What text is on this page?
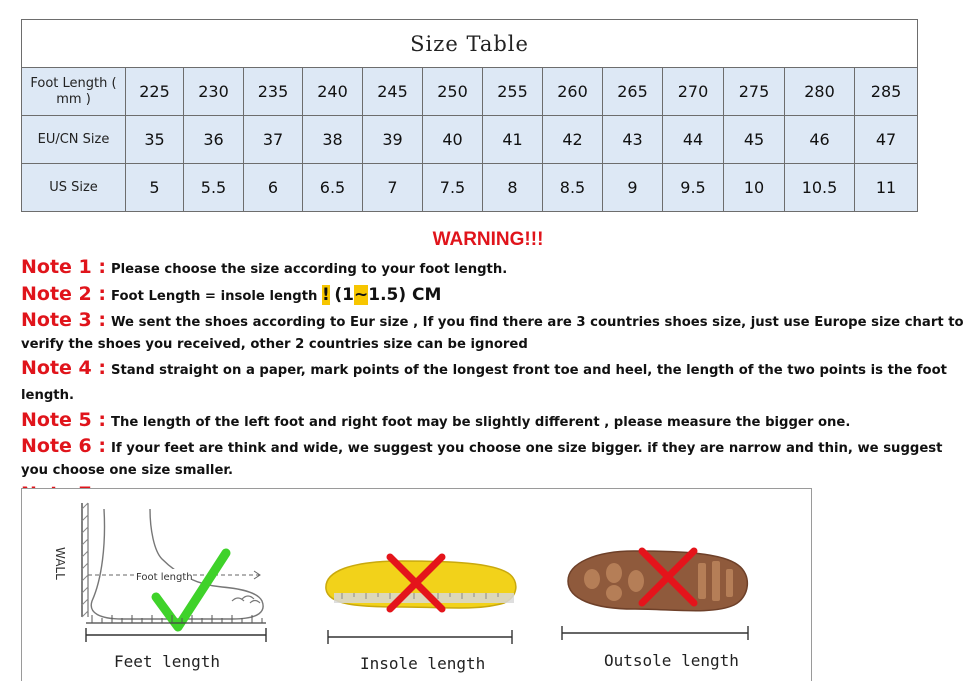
Size Table													
Foot Length ( mm )	225	230	235	240	245	250	255	260	265	270	275	280	285
EU/CN Size	35	36	37	38	39	40	41	42	43	44	45	46	47
US Size	5	5.5	6	6.5	7	7.5	8	8.5	9	9.5	10	10.5	11
WARNING!!!
Note 1 : Please choose the size according to your foot length.
Note 2 : Foot Length = insole length ! (1~1.5) CM
Note 3 : We sent the shoes according to Eur size , If you find there are 3 countries shoes size, just use Europe size chart to verify the shoes you received, other 2 countries size can be ignored
Note 4 : Stand straight on a paper, mark points of the longest front toe and heel, the length of the two points is the foot length.
Note 5 : The length of the left foot and right foot may be slightly different , please measure the bigger one.
Note 6 : If your feet are think and wide, we suggest you choose one size bigger. if they are narrow and thin, we suggest you choose one size smaller.
WALL	Foot length
Feet length	Insole length	Outsole length
